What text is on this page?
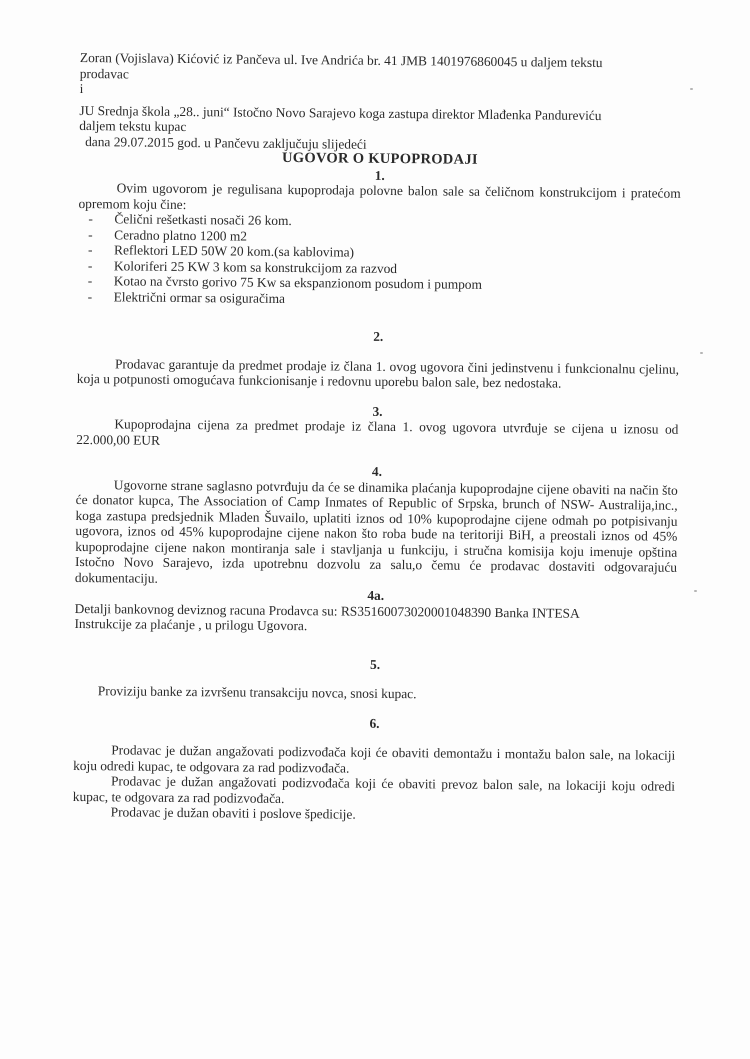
Zoran (Vojislava) Kićović iz Pančeva ul. Ive Andrića br. 41 JMB 1401976860045 u daljem tekstu
prodavac
i
JU Srednja škola „28.. juni“ Istočno Novo Sarajevo koga zastupa direktor Mlađenka Pandureviću
daljem tekstu kupac
dana 29.07.2015 god. u Pančevu zaključuju slijedeći
UGOVOR O KUPOPRODAJI
1.
Ovim ugovorom je regulisana kupoprodaja polovne balon sale sa čeličnom konstrukcijom i pratećom opremom koju čine:
- Čelični rešetkasti nosači 26 kom.
- Ceradno platno 1200 m2
- Reflektori LED 50W 20 kom.(sa kablovima)
- Koloriferi 25 KW 3 kom sa konstrukcijom za razvod
- Kotao na čvrsto gorivo 75 Kw sa ekspanzionom posudom i pumpom
- Električni ormar sa osiguračima
2.
Prodavac garantuje da predmet prodaje iz člana 1. ovog ugovora čini jedinstvenu i funkcionalnu cjelinu, koja u potpunosti omogućava funkcionisanje i redovnu uporebu balon sale, bez nedostaka.
3.
Kupoprodajna cijena za predmet prodaje iz člana 1. ovog ugovora utvrđuje se cijena u iznosu od 22.000,00 EUR
4.
Ugovorne strane saglasno potvrđuju da će se dinamika plaćanja kupoprodajne cijene obaviti na način što će donator kupca, The Association of Camp Inmates of Republic of Srpska, brunch of NSW- Australija,inc., koga zastupa predsjednik Mladen Šuvailo, uplatiti iznos od 10% kupoprodajne cijene odmah po potpisivanju ugovora, iznos od 45% kupoprodajne cijene nakon što roba bude na teritoriji BiH, a preostali iznos od 45% kupoprodajne cijene nakon montiranja sale i stavljanja u funkciju, i stručna komisija koju imenuje opština Istočno Novo Sarajevo, izda upotrebnu dozvolu za salu,o čemu će prodavac dostaviti odgovarajuću dokumentaciju.
4a.
Detalji bankovnog deviznog racuna Prodavca su: RS35160073020001048390 Banka INTESA
Instrukcije za plaćanje , u prilogu Ugovora.
5.
Proviziju banke za izvršenu transakciju novca, snosi kupac.
6.
Prodavac je dužan angažovati podizvođača koji će obaviti demontažu i montažu balon sale, na lokaciji koju odredi kupac, te odgovara za rad podizvođača.
Prodavac je dužan angažovati podizvođača koji će obaviti prevoz balon sale, na lokaciji koju odredi kupac, te odgovara za rad podizvođača.
Prodavac je dužan obaviti i poslove špedicije.
